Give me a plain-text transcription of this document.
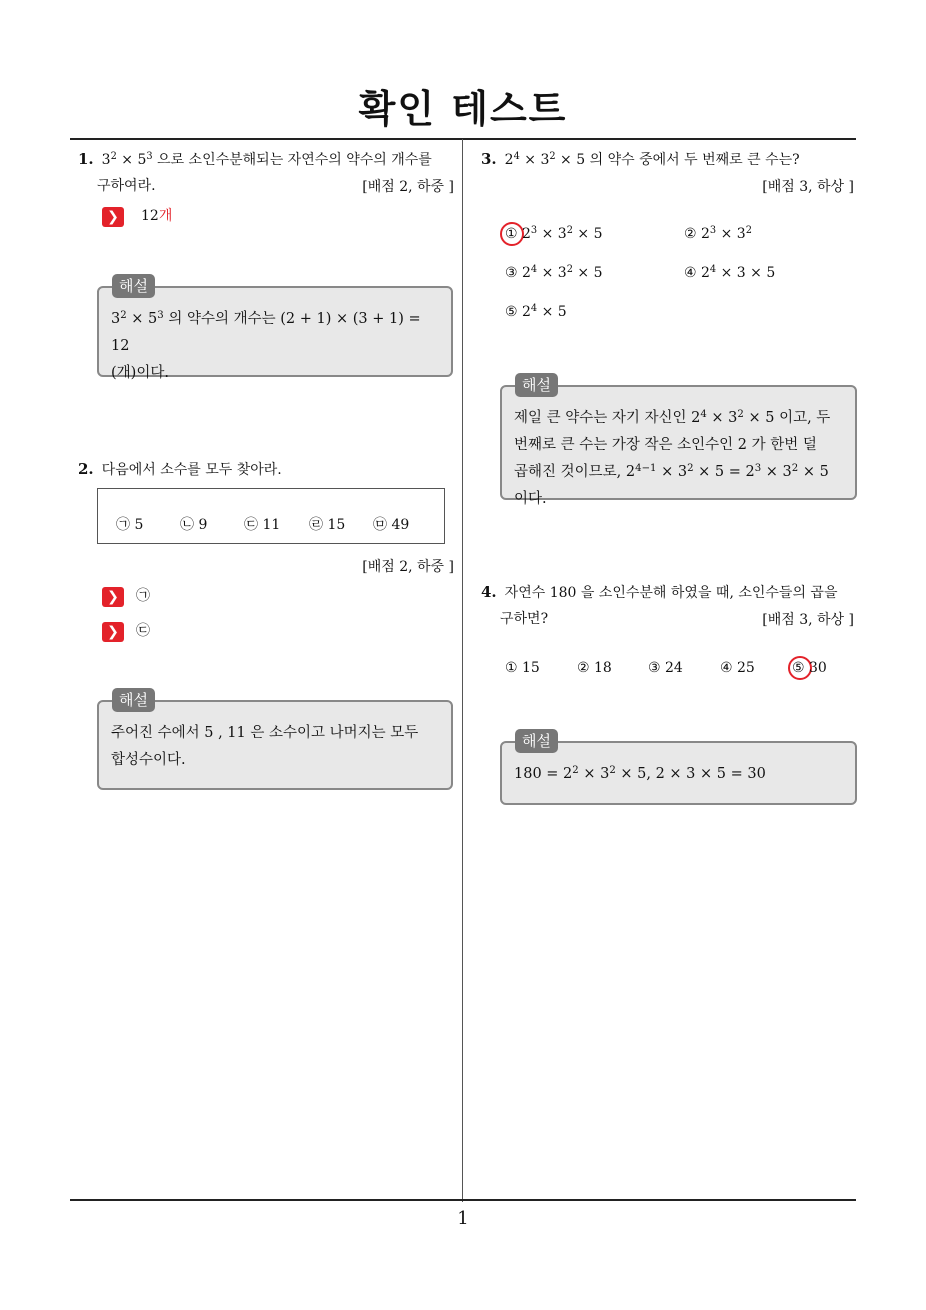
확인 테스트
1
1. $3^2 \times 5^3$ 으로 소인수분해되는 자연수의 약수의 개수를
구하여라.	[배점 2, 하중 ]
❯	12개
$3^2 \times 5^3$ 의 약수의 개수는 (2 + 1) × (3 + 1) = 12
(개)이다.
해설
2. 다음에서 소수를 모두 찾아라.
㉠ 5	㉡ 9	㉢ 11 ㉣ 15 ㉤ 49
[배점 2, 하중 ]
❯	㉠
❯	㉢
주어진 수에서 5 , 11 은 소수이고 나머지는 모두
합성수이다.
해설
3. $2^4 \times 3^2 \times 5$ 의 약수 중에서 두 번째로 큰 수는?
[배점 3, 하상 ]
① $2^3 \times 3^2 \times 5$	② $2^3 \times 3^2$
③ $2^4 \times 3^2 \times 5$	④ $2^4 \times 3 \times 5$
⑤ $2^4 \times 5$
제일 큰 약수는 자기 자신인 $2^4 \times 3^2 \times 5$ 이고, 두
번째로 큰 수는 가장 작은 소인수인 2 가 한번 덜
곱해진 것이므로, $2^{4-1} \times 3^2 \times 5 = 2^3 \times 3^2 \times 5$ 이다.
해설
4. 자연수 180 을 소인수분해 하였을 때, 소인수들의 곱을
구하면?	[배점 3, 하상 ]
① 15	② 18	③ 24	④ 25	⑤ 30
$180 = 2^2 \times 3^2 \times 5$, 2 × 3 × 5 = 30
해설
